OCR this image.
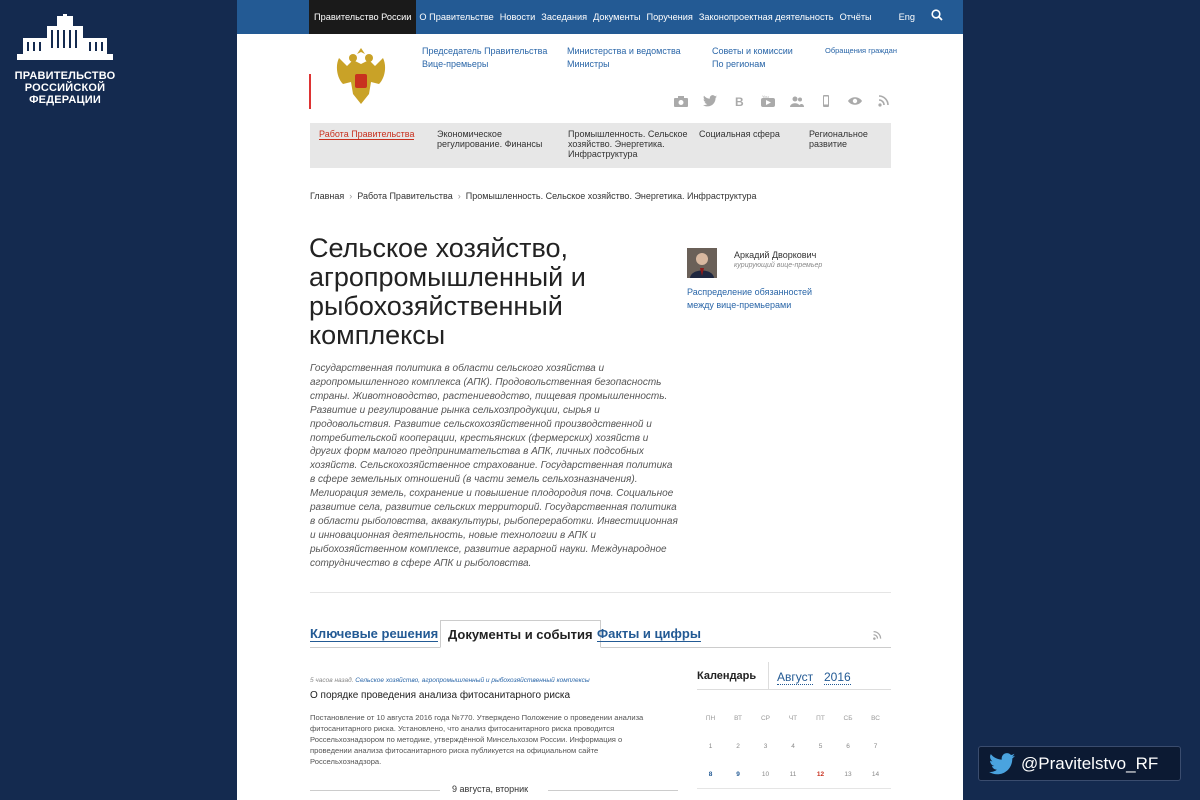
ПРАВИТЕЛЬСТВО
РОССИЙСКОЙ
ФЕДЕРАЦИИ
@Pravitelstvo_RF
Правительство России О Правительстве Новости Заседания Документы Поручения Законопроектная деятельность Отчёты	Eng
Председатель Правительства
Вице-премьеры
Министерства и ведомства
Министры
Советы и комиссии
По регионам
Обращения граждан
В	You
Работа Правительства	Экономическое регулирование. Финансы
Промышленность. Сельское хозяйство. Энергетика. Инфраструктура
Социальная сфера	Региональное развитие
Главная › Работа Правительства › Промышленность. Сельское хозяйство. Энергетика. Инфраструктура
Сельское хозяйство, агропромышленный и рыбохозяйственный комплексы
Государственная политика в области сельского хозяйства и агропромышленного комплекса (АПК). Продовольственная безопасность страны. Животноводство, растениеводство, пищевая промышленность. Развитие и регулирование рынка сельхозпродукции, сырья и продовольствия. Развитие сельскохозяйственной производственной и потребительской кооперации, крестьянских (фермерских) хозяйств и других форм малого предпринимательства в АПК, личных подсобных хозяйств. Сельскохозяйственное страхование. Государственная политика в сфере земельных отношений (в части земель сельхозназначения). Мелиорация земель, сохранение и повышение плодородия почв. Социальное развитие села, развитие сельских территорий. Государственная политика в области рыболовства, аквакультуры, рыбопереработки. Инвестиционная и инновационная деятельность, новые технологии в АПК и рыбохозяйственном комплексе, развитие аграрной науки. Международное сотрудничество в сфере АПК и рыболовства.
Аркадий Дворкович
курирующий вице-премьер
Распределение обязанностей между вице-премьерами
Ключевые решения Документы и события Факты и цифры
5 часов назад. Сельское хозяйство, агропромышленный и рыбохозяйственный комплексы
О порядке проведения анализа фитосанитарного риска
Постановление от 10 августа 2016 года №770. Утверждено Положение о проведении анализа фитосанитарного риска. Установлено, что анализ фитосанитарного риска проводится Россельхознадзором по методике, утверждённой Минсельхозом России. Информация о проведении анализа фитосанитарного риска публикуется на официальном сайте Россельхознадзора.
9 августа, вторник
Календарь Август 2016
ПН	ВТ	СР	ЧТ	ПТ	СБ	ВС
1	2	3	4	5	6	7
8	9	10	11	12	13	14
